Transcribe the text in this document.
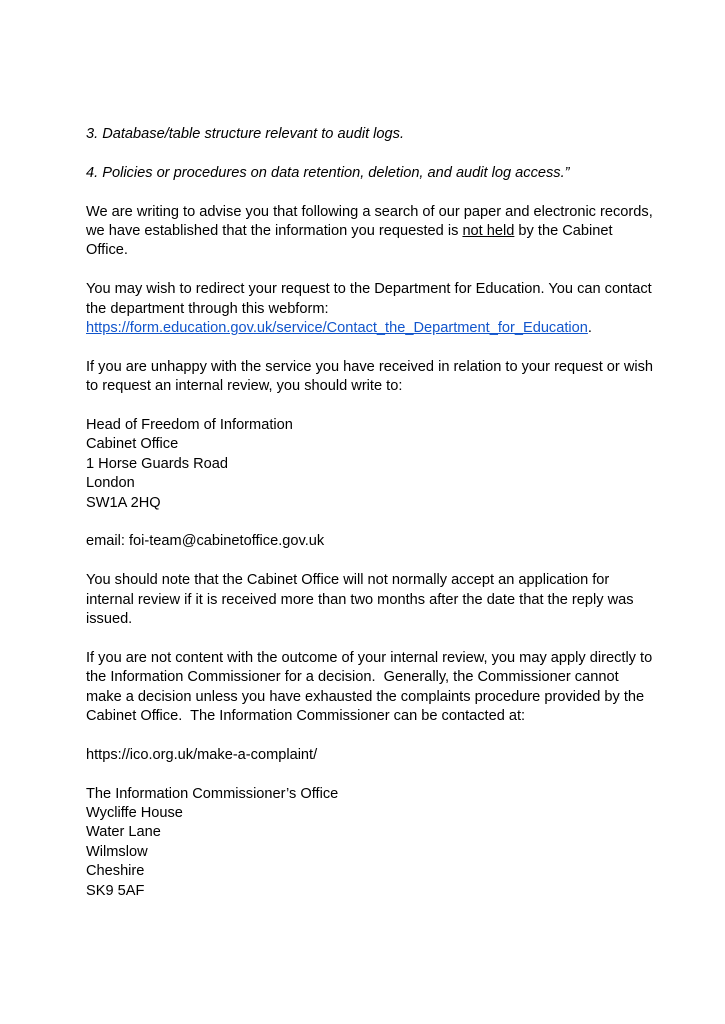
3. Database/table structure relevant to audit logs.
4. Policies or procedures on data retention, deletion, and audit log access.”
We are writing to advise you that following a search of our paper and electronic records,
we have established that the information you requested is not held by the Cabinet
Office.
You may wish to redirect your request to the Department for Education. You can contact
the department through this webform:
https://form.education.gov.uk/service/Contact_the_Department_for_Education.
If you are unhappy with the service you have received in relation to your request or wish
to request an internal review, you should write to:
Head of Freedom of Information
Cabinet Office
1 Horse Guards Road
London
SW1A 2HQ
email: foi-team@cabinetoffice.gov.uk
You should note that the Cabinet Office will not normally accept an application for
internal review if it is received more than two months after the date that the reply was
issued.
If you are not content with the outcome of your internal review, you may apply directly to
the Information Commissioner for a decision.  Generally, the Commissioner cannot
make a decision unless you have exhausted the complaints procedure provided by the
Cabinet Office.  The Information Commissioner can be contacted at:
https://ico.org.uk/make-a-complaint/
The Information Commissioner’s Office
Wycliffe House
Water Lane
Wilmslow
Cheshire
SK9 5AF
